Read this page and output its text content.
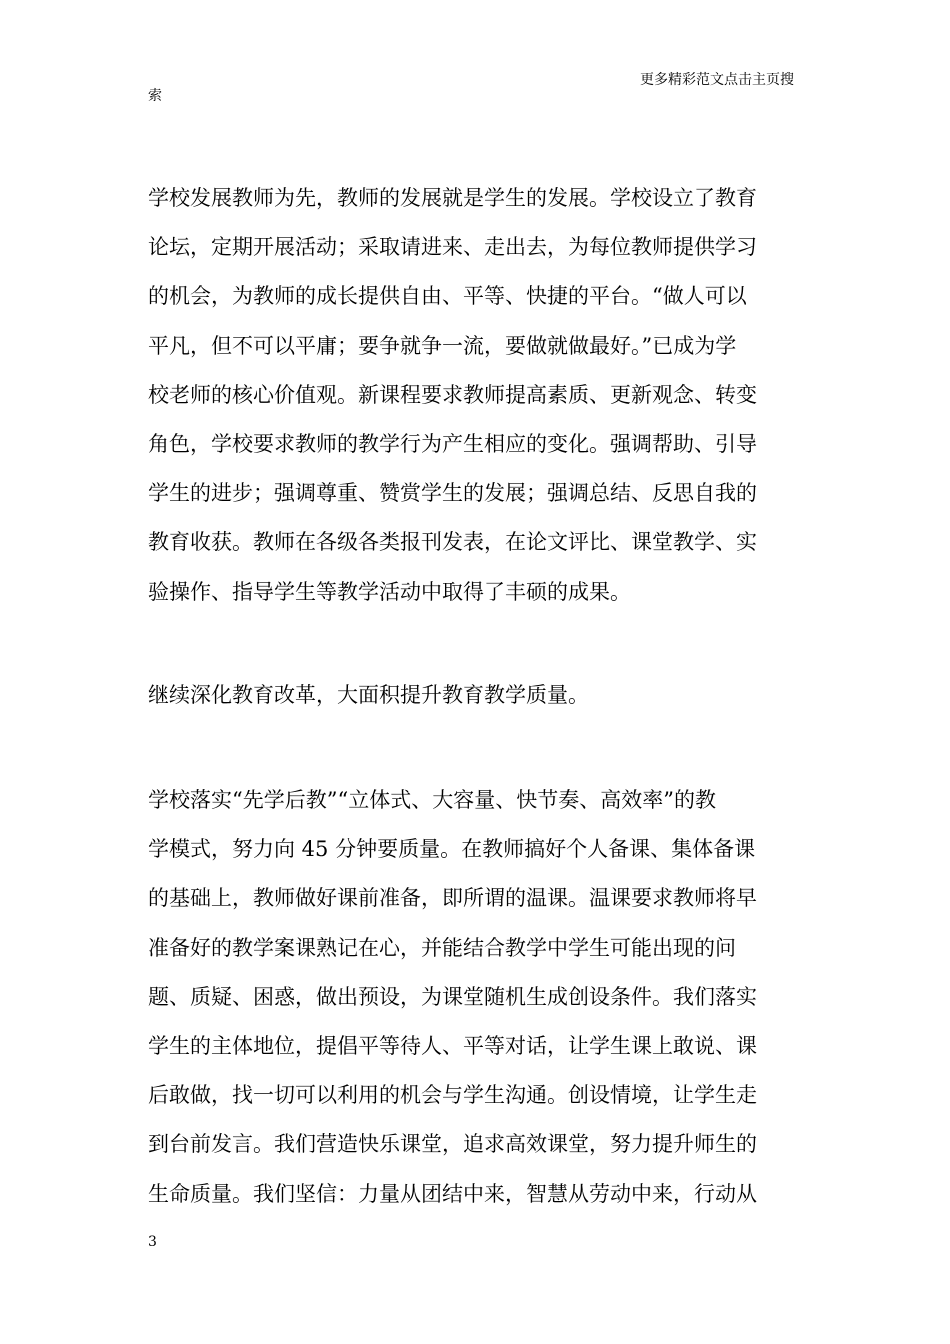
更多精彩范文点击主页搜
索
学校发展教师为先，教师的发展就是学生的发展。学校设立了教育
论坛，定期开展活动；采取请进来、走出去，为每位教师提供学习
的机会，为教师的成长提供自由、平等、快捷的平台。“做人可以
平凡，但不可以平庸；要争就争一流，要做就做最好。”已成为学
校老师的核心价值观。新课程要求教师提高素质、更新观念、转变
角色，学校要求教师的教学行为产生相应的变化。强调帮助、引导
学生的进步；强调尊重、赞赏学生的发展；强调总结、反思自我的
教育收获。教师在各级各类报刊发表，在论文评比、课堂教学、实
验操作、指导学生等教学活动中取得了丰硕的成果。
继续深化教育改革，大面积提升教育教学质量。
学校落实“先学后教”“立体式、大容量、快节奏、高效率”的教
学模式，努力向 45 分钟要质量。在教师搞好个人备课、集体备课
的基础上，教师做好课前准备，即所谓的温课。温课要求教师将早
准备好的教学案课熟记在心，并能结合教学中学生可能出现的问
题、质疑、困惑，做出预设，为课堂随机生成创设条件。我们落实
学生的主体地位，提倡平等待人、平等对话，让学生课上敢说、课
后敢做，找一切可以利用的机会与学生沟通。创设情境，让学生走
到台前发言。我们营造快乐课堂，追求高效课堂，努力提升师生的
生命质量。我们坚信：力量从团结中来，智慧从劳动中来，行动从
3
